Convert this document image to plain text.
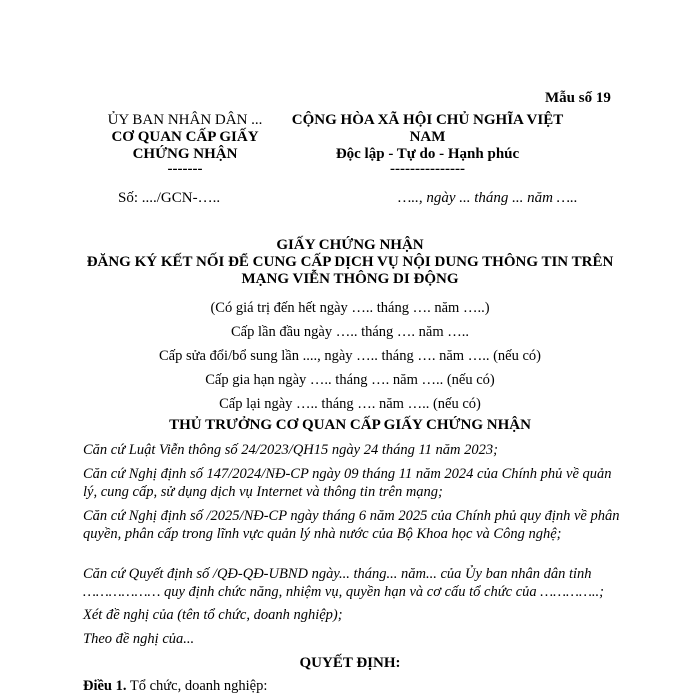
Mẫu số 19
ỦY BAN NHÂN DÂN ...
CƠ QUAN CẤP GIẤY
CHỨNG NHẬN
-------
Số: ..../GCN-…..
CỘNG HÒA XÃ HỘI CHỦ NGHĨA VIỆT
NAM
Độc lập - Tự do - Hạnh phúc
---------------
….., ngày ... tháng ... năm …..
GIẤY CHỨNG NHẬN
ĐĂNG KÝ KẾT NỐI ĐỂ CUNG CẤP DỊCH VỤ NỘI DUNG THÔNG TIN TRÊN
MẠNG VIỄN THÔNG DI ĐỘNG
(Có giá trị đến hết ngày ….. tháng …. năm …..)
Cấp lần đầu ngày ….. tháng …. năm …..
Cấp sửa đổi/bổ sung lần ...., ngày ….. tháng …. năm ….. (nếu có)
Cấp gia hạn ngày ….. tháng …. năm ….. (nếu có)
Cấp lại ngày ….. tháng …. năm ….. (nếu có)
THỦ TRƯỞNG CƠ QUAN CẤP GIẤY CHỨNG NHẬN
Căn cứ Luật Viễn thông số 24/2023/QH15 ngày 24 tháng 11 năm 2023;
Căn cứ Nghị định số 147/2024/NĐ-CP ngày 09 tháng 11 năm 2024 của Chính phủ về quản lý, cung cấp, sử dụng dịch vụ Internet và thông tin trên mạng;
Căn cứ Nghị định số /2025/NĐ-CP ngày tháng 6 năm 2025 của Chính phủ quy định về phân quyền, phân cấp trong lĩnh vực quản lý nhà nước của Bộ Khoa học và Công nghệ;
Căn cứ Quyết định số /QĐ-QĐ-UBND ngày... tháng... năm... của Ủy ban nhân dân tỉnh ……………… quy định chức năng, nhiệm vụ, quyền hạn và cơ cấu tổ chức của …………..;
Xét đề nghị của (tên tổ chức, doanh nghiệp);
Theo đề nghị của...
QUYẾT ĐỊNH:
Điều 1. Tổ chức, doanh nghiệp:
